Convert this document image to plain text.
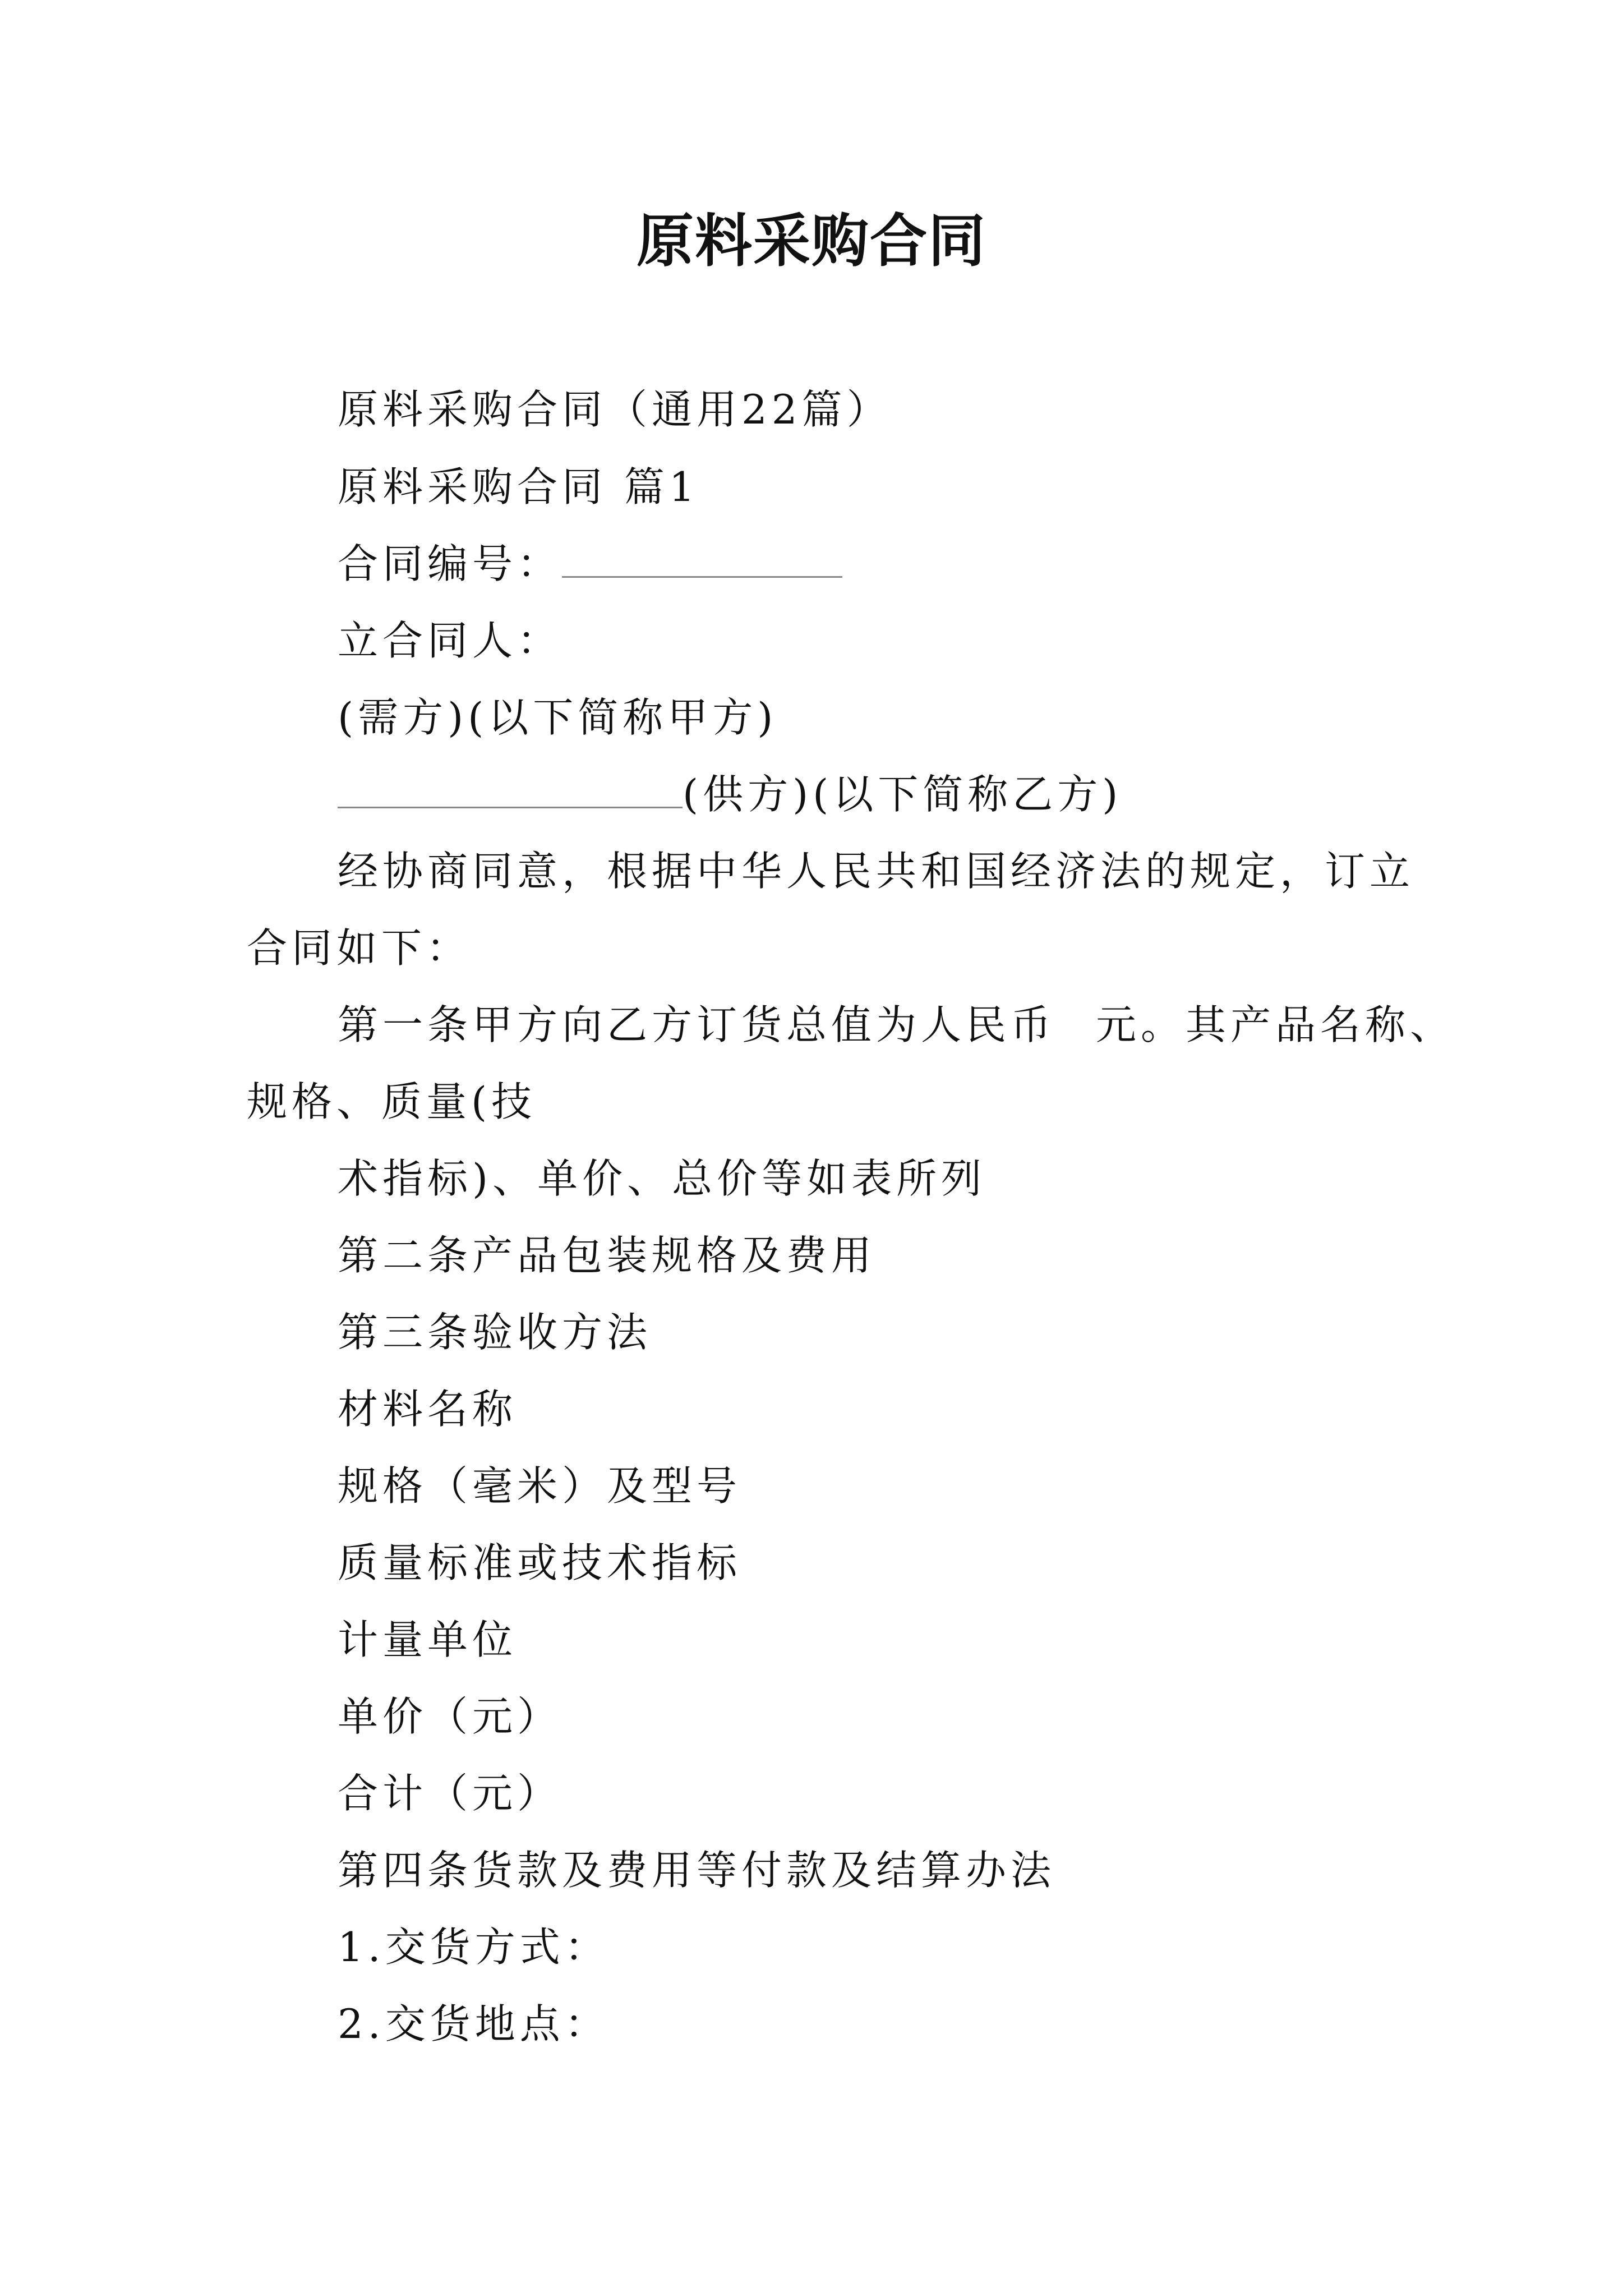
原料采购合同
原料采购合同（通用22篇）
原料采购合同 篇1
合同编号：
立合同人：
(需方)(以下简称甲方)
(供方)(以下简称乙方)
经协商同意，根据中华人民共和国经济法的规定，订立
合同如下：
第一条甲方向乙方订货总值为人民币 元。其产品名称、
规格、质量(技
术指标)、单价、总价等如表所列
第二条产品包装规格及费用
第三条验收方法
材料名称
规格（毫米）及型号
质量标准或技术指标
计量单位
单价（元）
合计（元）
第四条货款及费用等付款及结算办法
1.交货方式：
2.交货地点：
